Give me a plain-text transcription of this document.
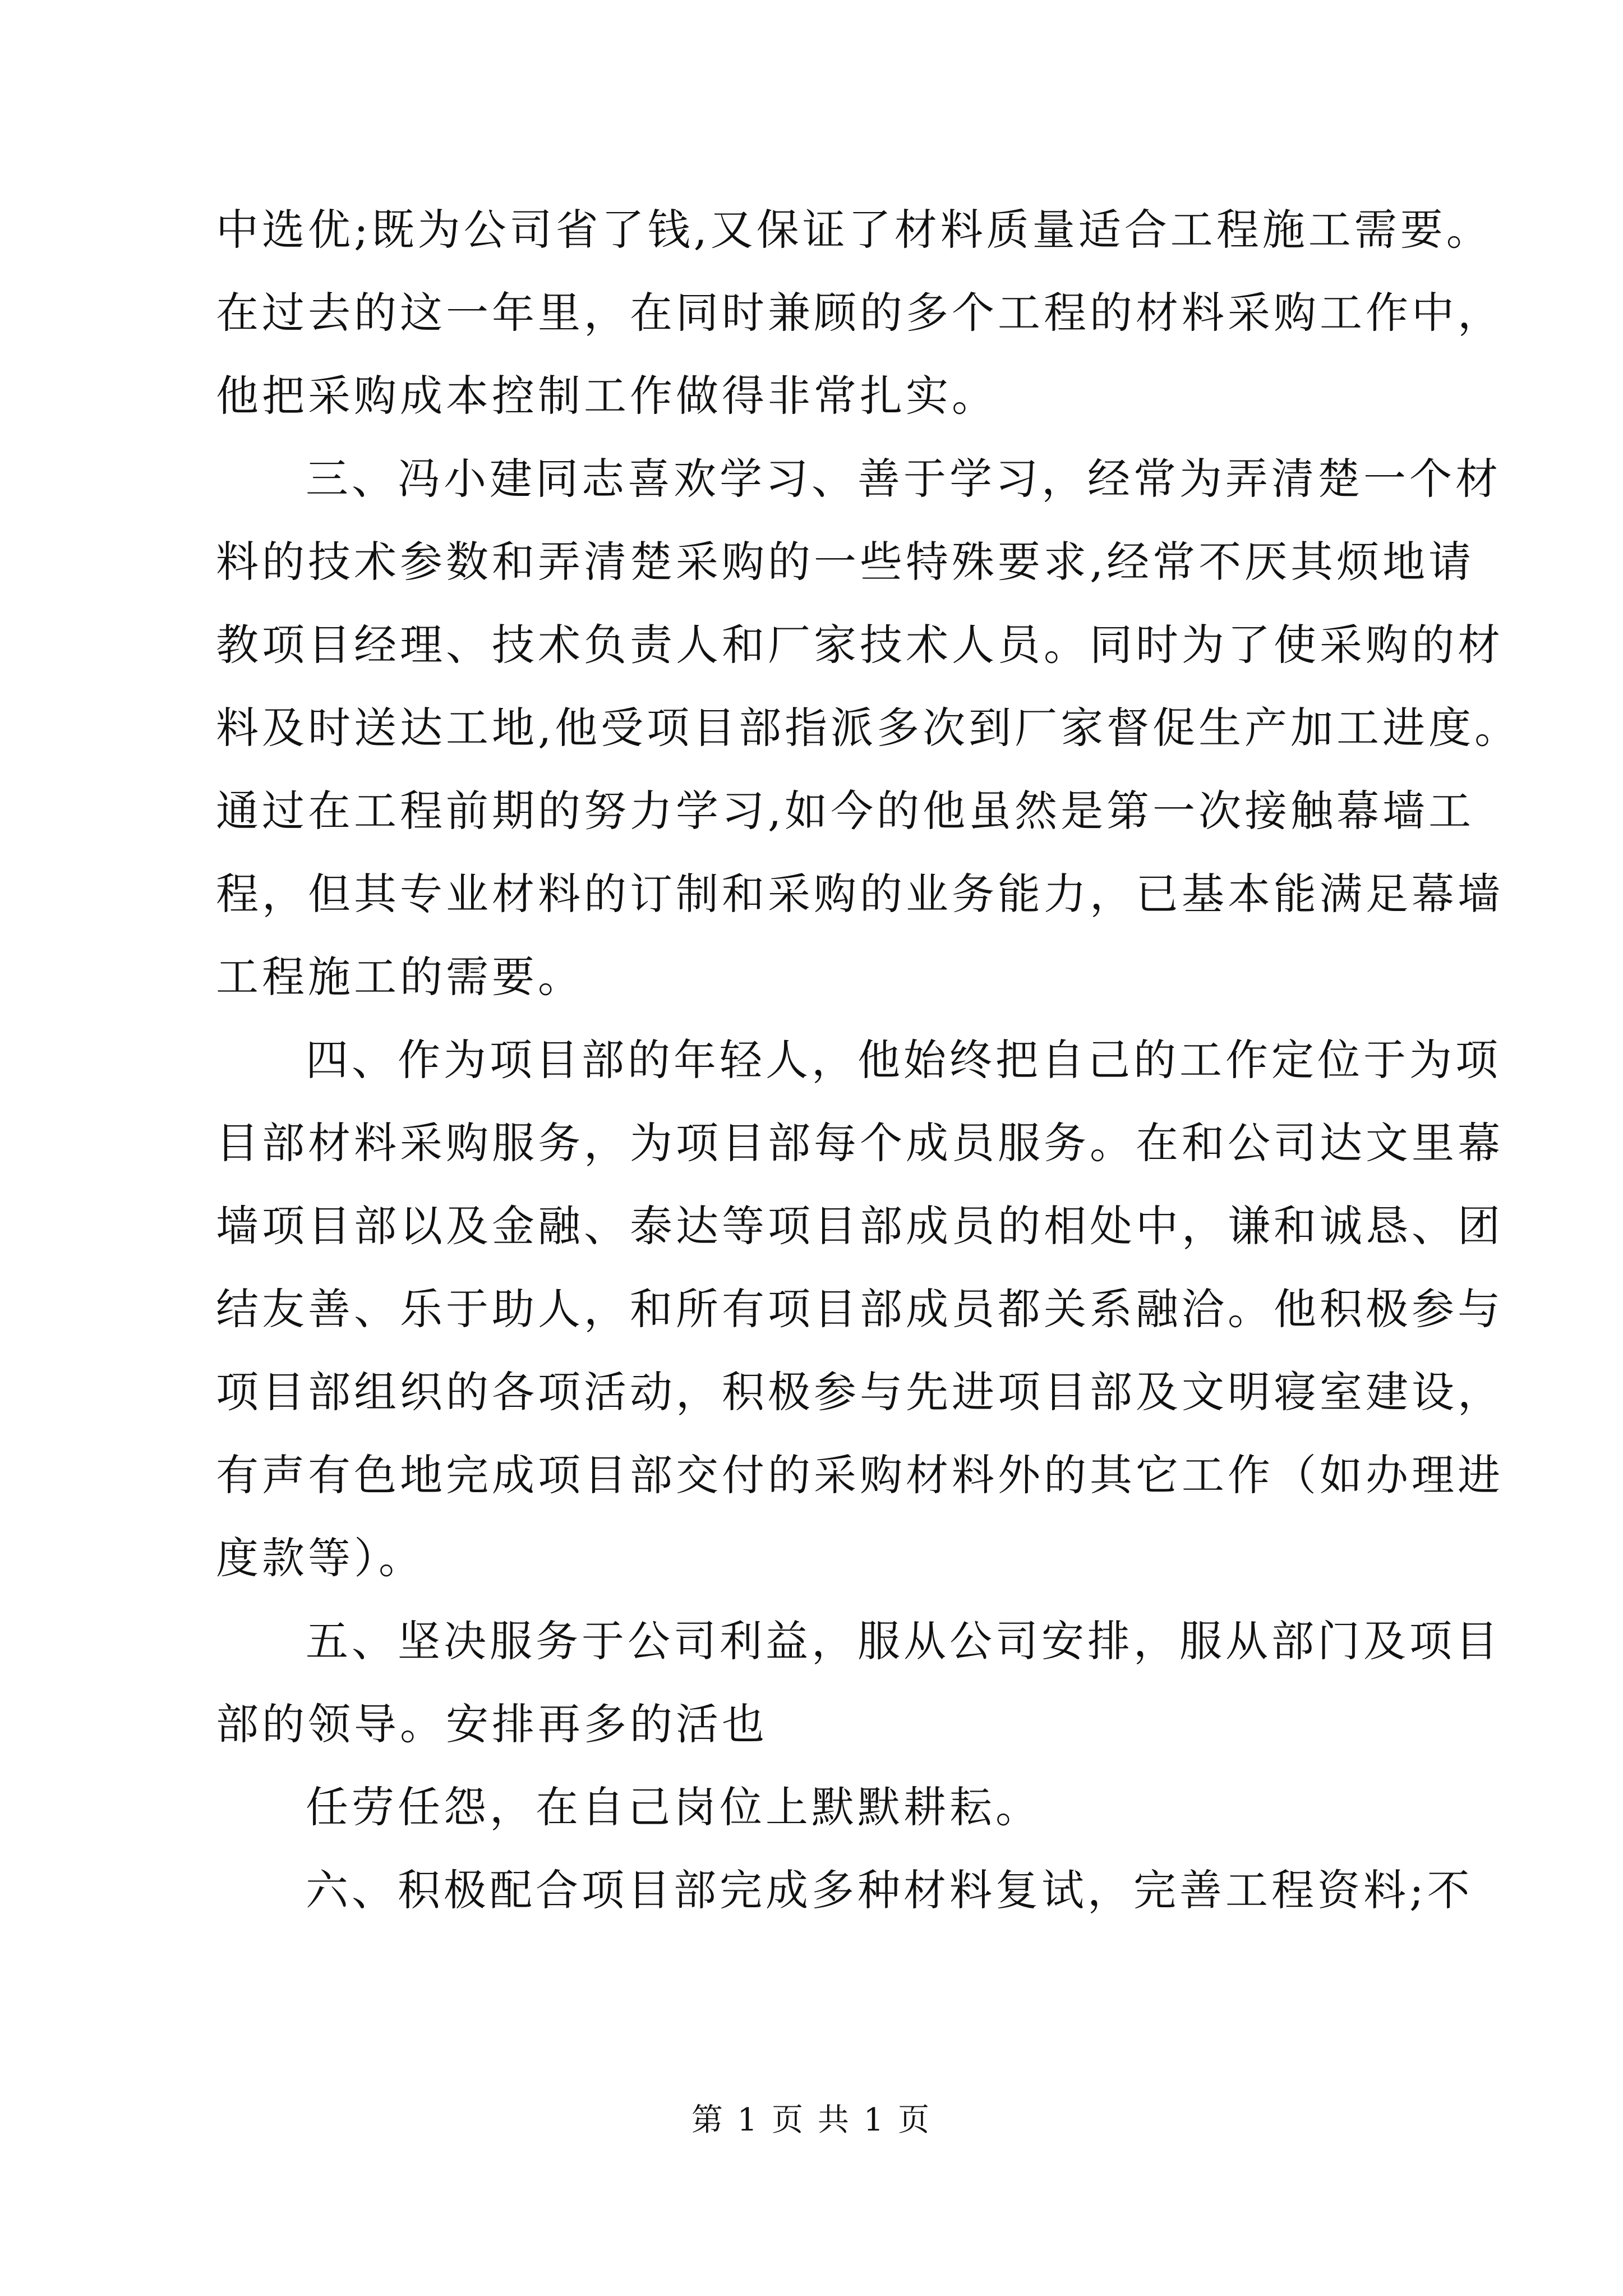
中选优;既为公司省了钱,又保证了材料质量适合工程施工需要。
在过去的这一年里，在同时兼顾的多个工程的材料采购工作中，
他把采购成本控制工作做得非常扎实。
三、冯小建同志喜欢学习、善于学习，经常为弄清楚一个材
料的技术参数和弄清楚采购的一些特殊要求,经常不厌其烦地请
教项目经理、技术负责人和厂家技术人员。同时为了使采购的材
料及时送达工地,他受项目部指派多次到厂家督促生产加工进度。
通过在工程前期的努力学习,如今的他虽然是第一次接触幕墙工
程，但其专业材料的订制和采购的业务能力，已基本能满足幕墙
工程施工的需要。
四、作为项目部的年轻人，他始终把自己的工作定位于为项
目部材料采购服务，为项目部每个成员服务。在和公司达文里幕
墙项目部以及金融、泰达等项目部成员的相处中，谦和诚恳、团
结友善、乐于助人，和所有项目部成员都关系融洽。他积极参与
项目部组织的各项活动，积极参与先进项目部及文明寝室建设，
有声有色地完成项目部交付的采购材料外的其它工作（如办理进
度款等）。
五、坚决服务于公司利益，服从公司安排，服从部门及项目
部的领导。安排再多的活也
任劳任怨，在自己岗位上默默耕耘。
六、积极配合项目部完成多种材料复试，完善工程资料;不
第 1 页 共 1 页
